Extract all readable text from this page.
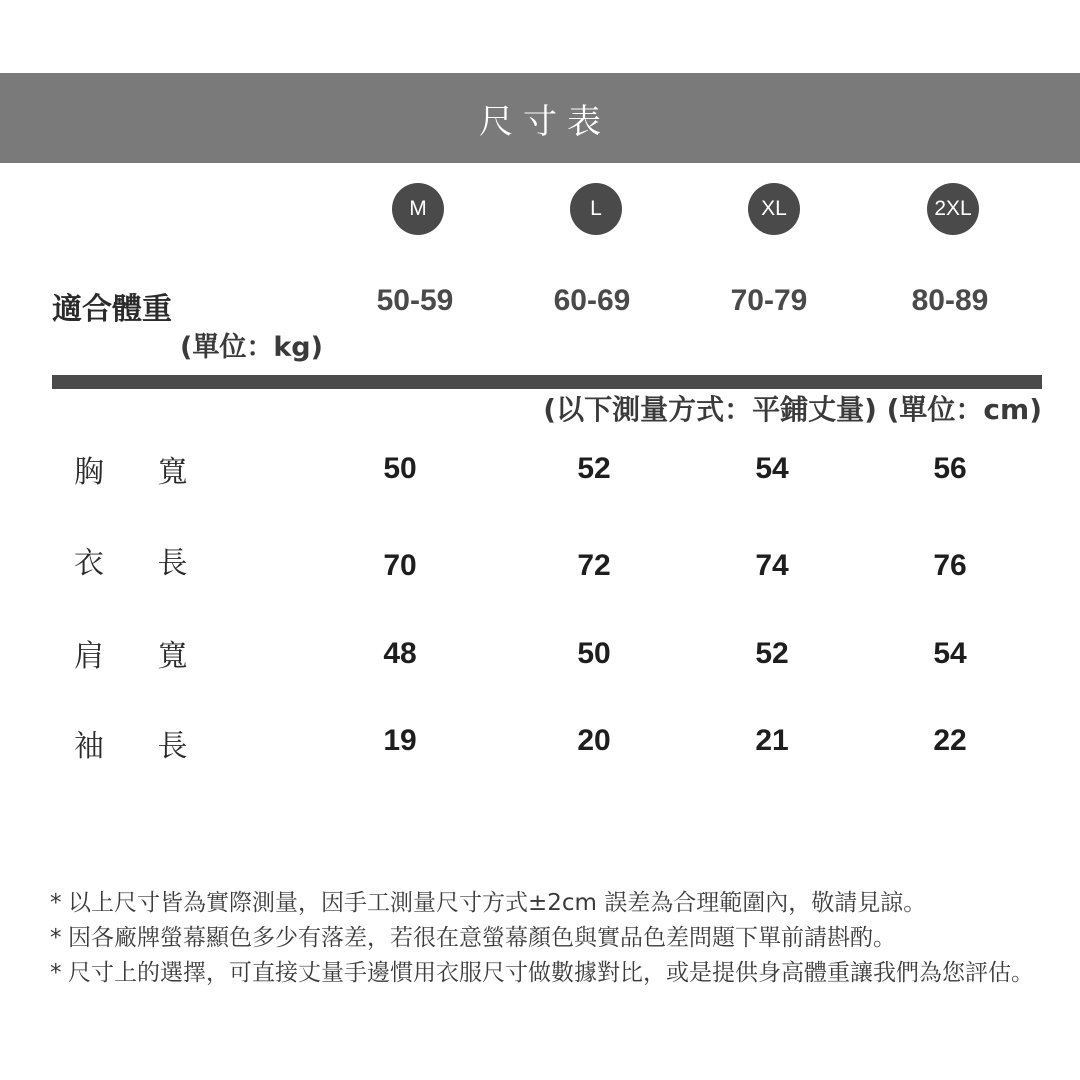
尺寸表
M	L	XL	2XL
適合體重
(單位：kg)
50-59	60-69	70-79	80-89
(以下測量方式：平鋪丈量) (單位：cm)
胸 寬	50	52	54	56
衣 長	70	72	74	76
肩 寬	48	50	52	54
袖 長	19	20	21	22
* 以上尺寸皆為實際測量，因手工測量尺寸方式±2cm 誤差為合理範圍內，敬請見諒。
* 因各廠牌螢幕顯色多少有落差，若很在意螢幕顏色與實品色差問題下單前請斟酌。
* 尺寸上的選擇，可直接丈量手邊慣用衣服尺寸做數據對比，或是提供身高體重讓我們為您評估。
